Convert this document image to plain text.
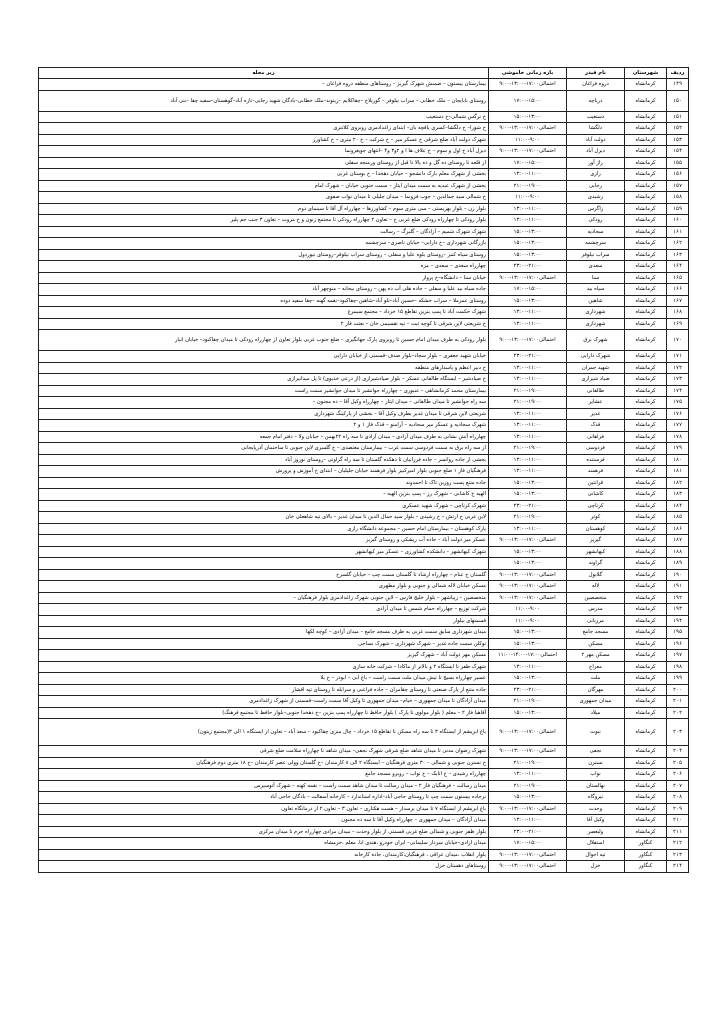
ردیف	شهرستان	نام فیدر	بازه زمانی خاموشی	زیر محله
۱۴۹	کرمانشاه	دروه فراغان	احتمالی۱۷:۰۰-۱۳:۰۰-۹:۰۰	بیمارستان بیستون – ضمنش شهرک گیریز – روستاهای منطقه دروه فراغان –
۱۵۰	کرمانشاه	دریاچه	۱۷:۰۰-۱۵:۰۰	روستای بابایجان – ملک خطابی – سراب نیلوفر – گوریلاج –چقاکلایم –زینوند–ملک خطابی–بادگان شهید رجایی–تازه آباد–گوهستان–سفید چقا –بنی آباد
۱۵۱	کرمانشاه	دستغیب	۱۵:۰۰-۱۳:۰۰	خ نرگس شمالی–خ دستغیب
۱۵۲	کرمانشاه	دلگشا	احتمالی۱۷:۰۰-۱۳:۰۰-۹:۰۰	خ شورا– خ دلگشا–کسری یاقچه بان– ابتدای زاغدادمری روبروی کلانتری
۱۵۳	کرمانشاه	دولت آباد	۱۱:۰۰-۹:۰۰	شهرک دولت آباد ضلع شرقی خ عسکر میر – خ شرکت – خ ۲۰ متری – خ کشاورز
۱۵۴	کرمانشاه	دیزل آباد	احتمالی۱۷:۰۰-۱۳:۰۰-۹:۰۰	دیزل آباد خ اول و سوم – خ علاف ها ا و ۲و۳ و۴ –انتهای جویغرونما
۱۵۵	کرمانشاه	راژ آور	۱۷:۰۰-۱۵:۰۰	از قلعه تا روستای ده گل و ده پالا تا قبل از روستای ورمنجه سفلی
۱۵۶	کرمانشاه	رازی	۱۳:۰۰-۱۱:۰۰	بخشی از شهرک معلم بارک دانشجو – خیابان دهخدا – خ بوستان غربی
۱۵۷	کرمانشاه	رجایی	۲۱:۰۰-۱۹:۰۰	بخشی از شهرک عبدیه به سمت میدان ایثار – سمت جنوبی خیابان – شهرک امام
۱۵۸	کرمانشاه	رشیدی	۱۱:۰۰-۹:۰۰	خ شمالی سید جمالدین – جوب فرونما – میدان جلیلی تا میدان نواب صفوی
۱۵۹	کرمانشاه	زاگرس	۱۳:۰۰-۱۱:۰۰	بلوار زن – بلوار بهزیستی – سی متری سوم – کشاورزها – چهارراه آل آقا تا سینمای دوم
۱۶۰	کرمانشاه	رودکی	۱۳:۰۰-۱۱:۰۰	بلوار رودکی تا چهارراه رودکی ضلع غربی خ – تعاون ۲ چهارراه رودکی تا مجتمع زنون و خ مروت – تعاون ۳ جنب جم پلیر
۱۶۱	کرمانشاه	سجادیه	۱۵:۰۰-۱۳:۰۰	شهرک شهرک شمیم – آزادگان – گلبرگ – رسالت
۱۶۲	کرمانشاه	سرچشمه	۱۵:۰۰-۱۳:۰۰	بازرگانی شهرداری –خ دارایی– خیابان ناصری– سرچشمه
۱۶۳	کرمانشاه	سراب نیلوفر	۱۵:۰۰-۱۳:۰۰	روستای سیاه کمر –روستای یلوه علیا و سفلی – روستای سراب نیلوفر–روستای نیوردول
۱۶۴	کرمانشاه	سعدی	۲۳:۰۰-۲۱:۰۰	چهارراه سعدی – سعدی – مزه
۱۶۵	کرمانشاه	سنا	احتمالی۱۷:۰۰-۱۳:۰۰-۹:۰۰	خیابان سنا – دانشگاه–خ پرواز
۱۶۶	کرمانشاه	سیاه بید	۱۷:۰۰-۱۵:۰۰	جاده سیاه بید علیا و سفلی – جاده هلی آب ده پهن – روستای بیجانه – منوچهر آباد
۱۶۷	کرمانشاه	شاهین	۱۵:۰۰-۱۳:۰۰	روستای عمرملا – سراب خشکه –حسین آباد–تلو آباد–شاهین–چقاکبود–نقمه گهنه –چقا سفید دوده
۱۶۸	کرمانشاه	شهرداری	۱۳:۰۰-۱۱:۰۰	شهرک حکمت آباد تا پمپ بنزین تقاطع ۱۵ خرداد – مجتمع سیمرغ
۱۶۹	کرمانشاه	شهرداری	۱۳:۰۰-۱۱:۰۰	خ شریعتی لاین شرقی تا کوچه ثبت – تپه تقسیمی خان – بعثت فاز ۲
۱۷۰	کرمانشاه	شهرک برق	احتمالی۱۷:۰۰-۱۳:۰۰-۹:۰۰	بلوار رودکی به طرف میدان امام حسین تا روبروی پارک جهانگیری – ضلع جنوب غربی بلوار تعاون از چهارراه رودکی تا میدان چقاکبود– خیابان انبار
۱۷۱	کرمانشاه	شهرک دارایی	۲۳:۰۰-۲۱:۰۰	خیابان شهید جعفری – بلوار سجاد–بلوار صدف–قسمتی از خیابان دارایی
۱۷۲	کرمانشاه	شهید جمران	۱۳:۰۰-۱۱:۰۰	خ دبیر اعظم و پاسدارهای منطقه
۱۷۳	کرمانشاه	صیاد شیرازی	۱۳:۰۰-۱۱:۰۰	خ صیادشیر – ایستگاه طالقانی عسکر – بلوار صیادشیرازی (از درعی خدیوی) تا پل میدانیرازی
۱۷۴	کرمانشاه	طالقانی	۲۱:۰۰-۱۹:۰۰	بیمارستان محمد کرمانشاهی – عنبوری – چهارراه جوانشیر تا میدان جوانشیر سمت راست
۱۷۵	کرمانشاه	عشایر	۲۱:۰۰-۱۹:۰۰	سه راه جوانشیر تا میدان طالقانی – میدان ایثار – چهارراه وکیل آقا – ده مجنون –
۱۷۶	کرمانشاه	غدیر	۱۳:۰۰-۱۱:۰۰	شریعتی لاین شرقی تا میدان غدیر بطرف وکیل آقا – بخشی از پارکینگ شهرداری
۱۷۷	کرمانشاه	فدک	۱۳:۰۰-۱۱:۰۰	شهرک سجادیه و عسکر میر سجادیه – آرامنو – فدک فاز ۱ و ۲
۱۷۸	کرمانشاه	فراهانی	۱۳:۰۰-۱۱:۰۰	چهارراه آتش نشانی به طرف میدان آزادی – میدان آزادی تا سه راه ۲۲بهمن – خیابان ولا – دفتر امام جمعه
۱۷۹	کرمانشاه	فردوسی	۲۱:۰۰-۱۹:۰۰	از سه راه برق به سمت فردوسی سمت غرب – بیمارستان معتضدی – خ گلسری لاین جنوبی تا ساختمان آذرپایجانی
۱۸۰	کرمانشاه	فرستنده	۱۳:۰۰-۱۱:۰۰	بخشی از جاده رواتسر – جاده فرزانیان تا دهکده گلستان تا سه راه گراونی –روستای نوروز آباد
۱۸۱	کرمانشاه	فرهمند	۱۳:۰۰-۱۱:۰۰	فرهنگیان فاز ۱ ضلع جنوبی بلوار امیرکبیر بلوار فرهمند خیابان جلیلیان – ابتدای خ آموزش و پرورش
۱۸۲	کرمانشاه	قرانتین	۱۵:۰۰-۱۳:۰۰	جاده متنع پست روزین تاک تا احمدوند
۱۸۳	کرمانشاه	کاشانی	۱۵:۰۰-۱۳:۰۰	الهیه خ کاشانی – شهرک رز – پمپ بنزین الهیه –
۱۸۴	کرمانشاه	کرناچی	۲۳:۰۰-۲۱:۰۰	شهرک کرناچی – شهرک شهید عسکری
۱۸۵	کرمانشاه	کوثر	۲۱:۰۰-۱۹:۰۰	لاین غربی خ ارتش – خ رشیدی – بلوار سید جمال الدین تا میدان غدیر – بالای تپه شاهعلی خان
۱۸۶	کرمانشاه	کوهستان	۱۳:۰۰-۱۱:۰۰	پارک کوهستان – بیمارستان امام حسین – مجموعه دانشگاه رازی
۱۸۷	کرمانشاه	گیریز	احتمالی۱۷:۰۰-۱۳:۰۰-۹:۰۰	عسکر میر دولت آباد – جاده آب ریشکی و روستای گیریز
۱۸۸	کرمانشاه	کیهانشهر	۱۵:۰۰-۱۳:۰۰	شهرک کیهانشهر – دانشکده کشاورزی – عسکر میر کیهانشهر
۱۸۹	کرمانشاه	گراوند	۱۵:۰۰-۱۳:۰۰	
۱۹۰	کرمانشاه	گلابول	احتمالی۱۷:۰۰-۱۳:۰۰-۹:۰۰	گلستان خ عنام – چهارراه ارشاد تا گلستان سمت چپ – خیابان گلسرخ
۱۹۱	کرمانشاه	لاله	احتمالی۱۷:۰۰-۱۳:۰۰-۹:۰۰	مسکن خیابان لاله شمالی و جنوبی و بلوار مطهری
۱۹۲	کرمانشاه	متخصصین	احتمالی۱۷:۰۰-۱۳:۰۰-۹:۰۰	متخصصین – زیباشهر – بلوار خلیج فارس – لاین جنوبی شهرک زاغدادمری بلوار فرهنگیان –
۱۹۳	کرمانشاه	مدرس	۱۱:۰۰-۹:۰۰	شرکت توزیع – چهارراه حمام شمس تا میدان آزادی
۱۹۴	کرمانشاه	مرزبانی	۱۱:۰۰-۹:۰۰	قسمتهای بیلوار
۱۹۵	کرمانشاه	مسجد جامع	۱۵:۰۰-۱۳:۰۰	میدان شهرداری سابق سمت غربی به طرف مسجد جامع – میدان آزادی – کوچه لکها
۱۹۶	کرمانشاه	مسکن	۱۵:۰۰-۱۳:۰۰	توکلن سمت جاده غدیر – شهرک شهرداری – شهرک نساجی
۱۹۷	کرمانشاه	مسکن مهر ۲	احتمالی۱۷:۰۰-۱۴:۰۰-۱۱:۰۰	مسکن مهر دولت آباد – شهرک گیریز
۱۹۸	کرمانشاه	معراج	۱۳:۰۰-۱۱:۰۰	شهرک ظفر تا ایستگاه ۲ و بالاتر از ماکادا – شرکت خانه سازی
۱۹۹	کرمانشاه	ملت	۱۵:۰۰-۱۳:۰۰	عسیر چهارراه بسیج تا تیش میدان ملت سمت راست – باغ ابی – ابوذر – خ بلا
۲۰۰	کرمانشاه	مهرگان	۲۳:۰۰-۲۱:۰۰	جاده متنع از پارک صنعتی تا روستای چقامران – جاده فراغنی و سرابله تا روستای تپه افشار
۲۰۱	کرمانشاه	میدان جمهوری	۲۱:۰۰-۱۹:۰۰	میدان آزادگان تا میدان جمهوری – خیام– میدان جمهوری تا وکیل آقا سمت راست–قسمتی از شهرک زاغدادمری
۲۰۲	کرمانشاه	میلاد	۱۵:۰۰-۱۳:۰۰	آقاهیا فاز ۲ – معلم ( بلوار مولوی تا پارک ) بلوار حافظ تا چهارراه پمپ بنزین –خ دهخدا جنوبی–بلوار حافظ تا مجتمع فرهنگ)
۲۰۳	کرمانشاه	نبوت	احتمالی۱۷:۰۰-۱۳:۰۰-۹:۰۰	باغ ابریشم از ایستگاه ۳ تا سه راه مسکن تا تقاطع ۱۵ خرداد – چال منزی چقاکبود – سعد آباد – تعاون از ایستگاه ۱ الی ۳(مجتمع زیتون)
۲۰۴	کرمانشاه	نجفی	احتمالی۱۷:۰۰-۱۳:۰۰-۹:۰۰	شهرک رضوان مدنی تا میدان شاهد ضلع شرقی شهرک نجفی– میدان شاهد تا چهارراه سلامت ضلع شرقی
۲۰۵	کرمانشاه	نسترن	۲۱:۰۰-۱۹:۰۰	خ نسترن جنوبی و شمالی – ۳۰ متری فرهنگیان – ایستگاه ۲ الی ۸ کارمندان –خ گلستان وولی عصر کارمندان –خ ۱۸ متری دوم فرهنگیان
۲۰۶	کرمانشاه	نواب	۱۳:۰۰-۱۱:۰۰	چهارراه رشیدی – خ اتابک – خ نواب – روبرو مسجد جامع
۲۰۷	کرمانشاه	نهالستان	۲۱:۰۰-۱۹:۰۰	میدان رسالت – فرهنگیان فاز ۲ – میدان رسالت تا میدان شاهد سمت راست – نقمه کهنه – شهرک آتوسیرس
۲۰۸	کرمانشاه	نیروگاه	۱۵:۰۰-۱۳:۰۰	برجاده بیستون سمت چپ تا روستای حاجی آباد–اداره استاندارد – کارخانه آسفالت – بادگان حاجی آباد
۲۰۹	کرمانشاه	وحدت	احتمالی۱۷:۰۰-۱۳:۰۰-۹:۰۰	باغ ابریشم از ایستگاه ۷ تا میدان برسدار – هست هکتاری – تعاون ۳ – تعاون ۲ از درمانگاه تعاون
۲۱۰	کرمانشاه	وکیل آقا	۱۳:۰۰-۱۱:۰۰	میدان آزادگان – میدان جمهوری – چهارراه وکیل آقا تا سه ده مجنون
۲۱۱	کرمانشاه	ولیعصر	۲۳:۰۰-۲۱:۰۰	بلوار ظفر جنوبی و شمالی ضلع غربی قسمتی از بلوار وحدت – میدان مرادی چهارراه خرم تا میدان مرکزی
۲۱۲	کنگاور	استقلال	۱۷:۰۰-۱۵:۰۰	میدان ازادی–خیابان سردار سلیمانی– ایران خودرو ،هتدی ابا، معلم ،خرمشاه
۲۱۳	کنگاور	تپه احوال	احتمالی۱۷:۰۰-۱۳:۰۰-۹:۰۰	بلوار انقلاب ،میدان عراقی ، فرهنگیان،کارمندان، جاده کارخانه
۲۱۴	کنگاور	خزل	احتمالی۱۷:۰۰-۱۳:۰۰-۹:۰۰	روستاهای دهستان خزل
